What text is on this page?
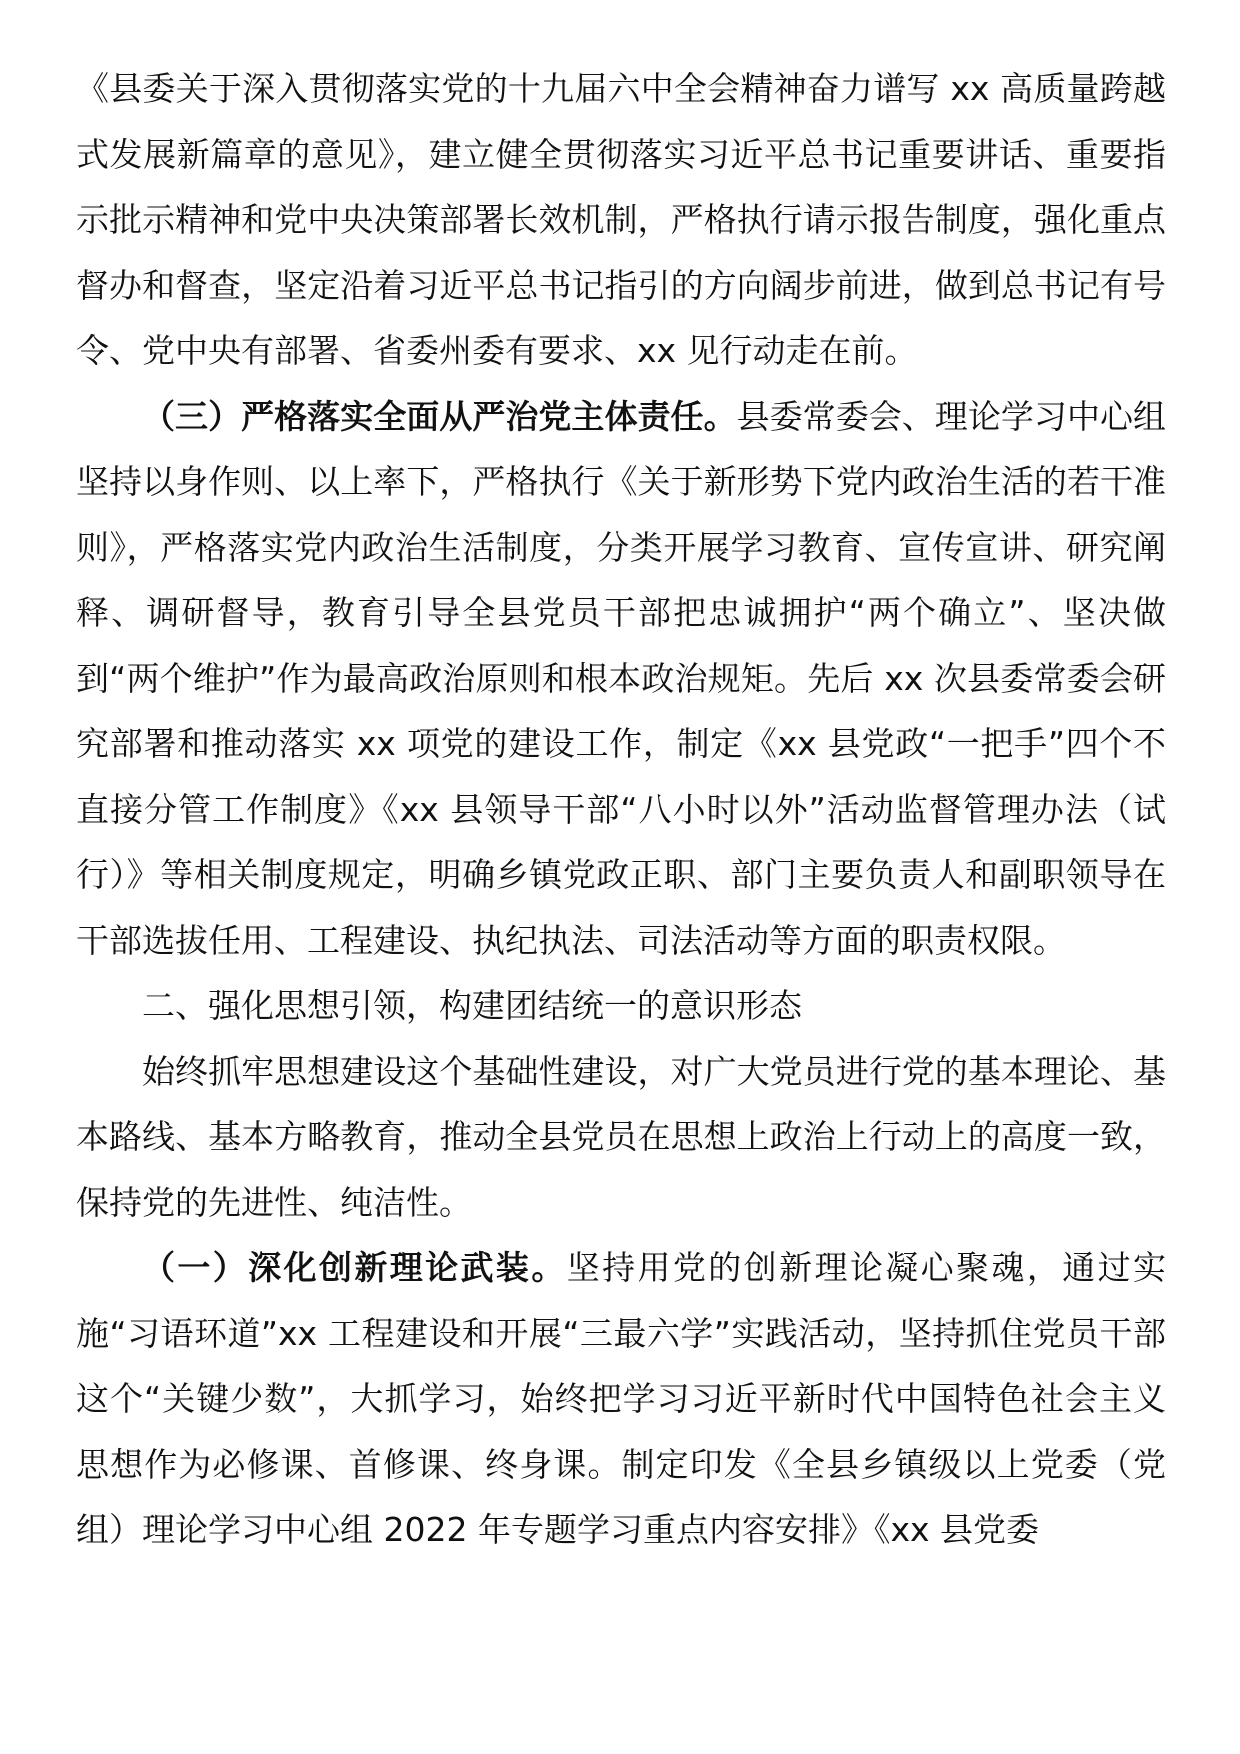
《县委关于深入贯彻落实党的十九届六中全会精神奋力谱写 xx 高质量跨越式发展新篇章的意见》，建立健全贯彻落实习近平总书记重要讲话、重要指示批示精神和党中央决策部署长效机制，严格执行请示报告制度，强化重点督办和督查，坚定沿着习近平总书记指引的方向阔步前进，做到总书记有号令、党中央有部署、省委州委有要求、xx 见行动走在前。

（三）严格落实全面从严治党主体责任。县委常委会、理论学习中心组坚持以身作则、以上率下，严格执行《关于新形势下党内政治生活的若干准则》，严格落实党内政治生活制度，分类开展学习教育、宣传宣讲、研究阐释、调研督导，教育引导全县党员干部把忠诚拥护“两个确立”、坚决做到“两个维护”作为最高政治原则和根本政治规矩。先后 xx 次县委常委会研究部署和推动落实 xx 项党的建设工作，制定《xx 县党政“一把手”四个不直接分管工作制度》《xx 县领导干部“八小时以外”活动监督管理办法（试行）》等相关制度规定，明确乡镇党政正职、部门主要负责人和副职领导在干部选拔任用、工程建设、执纪执法、司法活动等方面的职责权限。

二、强化思想引领，构建团结统一的意识形态

始终抓牢思想建设这个基础性建设，对广大党员进行党的基本理论、基本路线、基本方略教育，推动全县党员在思想上政治上行动上的高度一致，保持党的先进性、纯洁性。

（一）深化创新理论武装。坚持用党的创新理论凝心聚魂，通过实施“习语环道”xx 工程建设和开展“三最六学”实践活动，坚持抓住党员干部这个“关键少数”，大抓学习，始终把学习习近平新时代中国特色社会主义思想作为必修课、首修课、终身课。制定印发《全县乡镇级以上党委（党组）理论学习中心组 2022 年专题学习重点内容安排》《xx 县党委
